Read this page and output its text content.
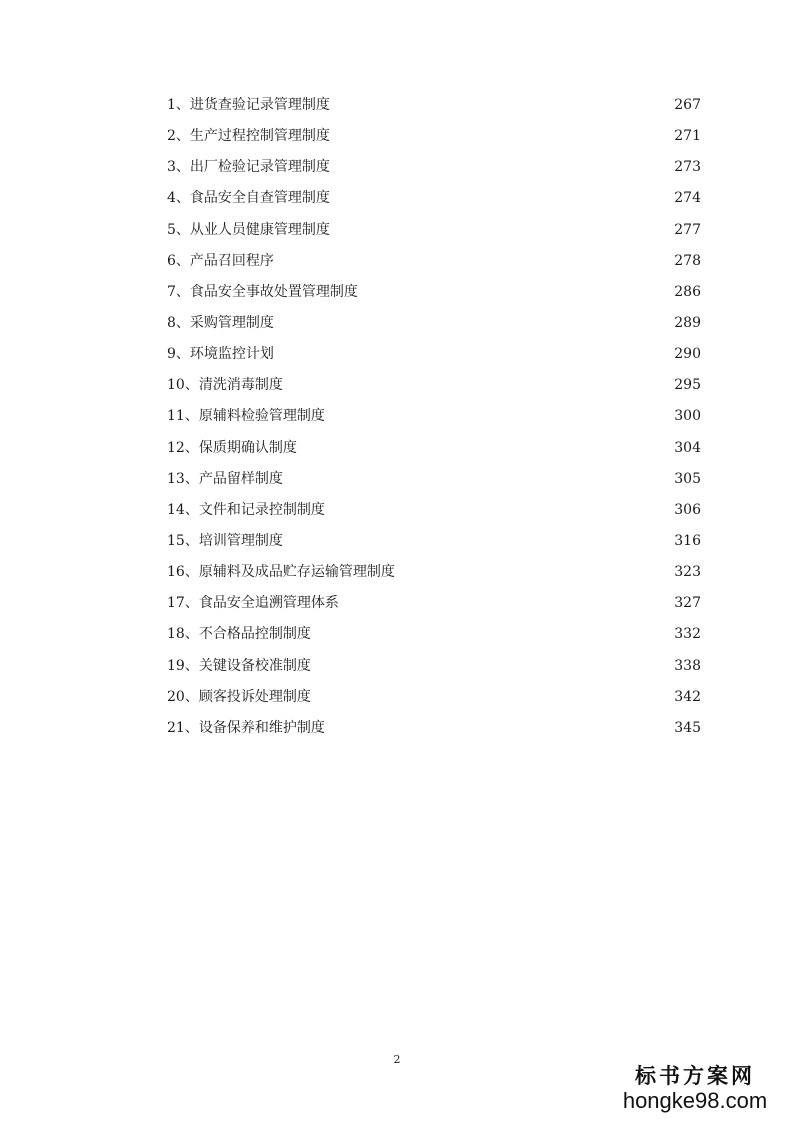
1、 进货查验记录管理制度	267
2、 生产过程控制管理制度	271
3、 出厂检验记录管理制度	273
4、 食品安全自查管理制度	274
5、 从业人员健康管理制度	277
6、 产品召回程序	278
7、 食品安全事故处置管理制度	286
8、 采购管理制度	289
9、 环境监控计划	290
10、 清洗消毒制度	295
11、 原辅料检验管理制度	300
12、 保质期确认制度	304
13、 产品留样制度	305
14、 文件和记录控制制度	306
15、 培训管理制度	316
16、 原辅料及成品贮存运输管理制度	323
17、 食品安全追溯管理体系	327
18、 不合格品控制制度	332
19、 关键设备校准制度	338
20、 顾客投诉处理制度	342
21、 设备保养和维护制度	345
2
标书方案网
hongke98.com
